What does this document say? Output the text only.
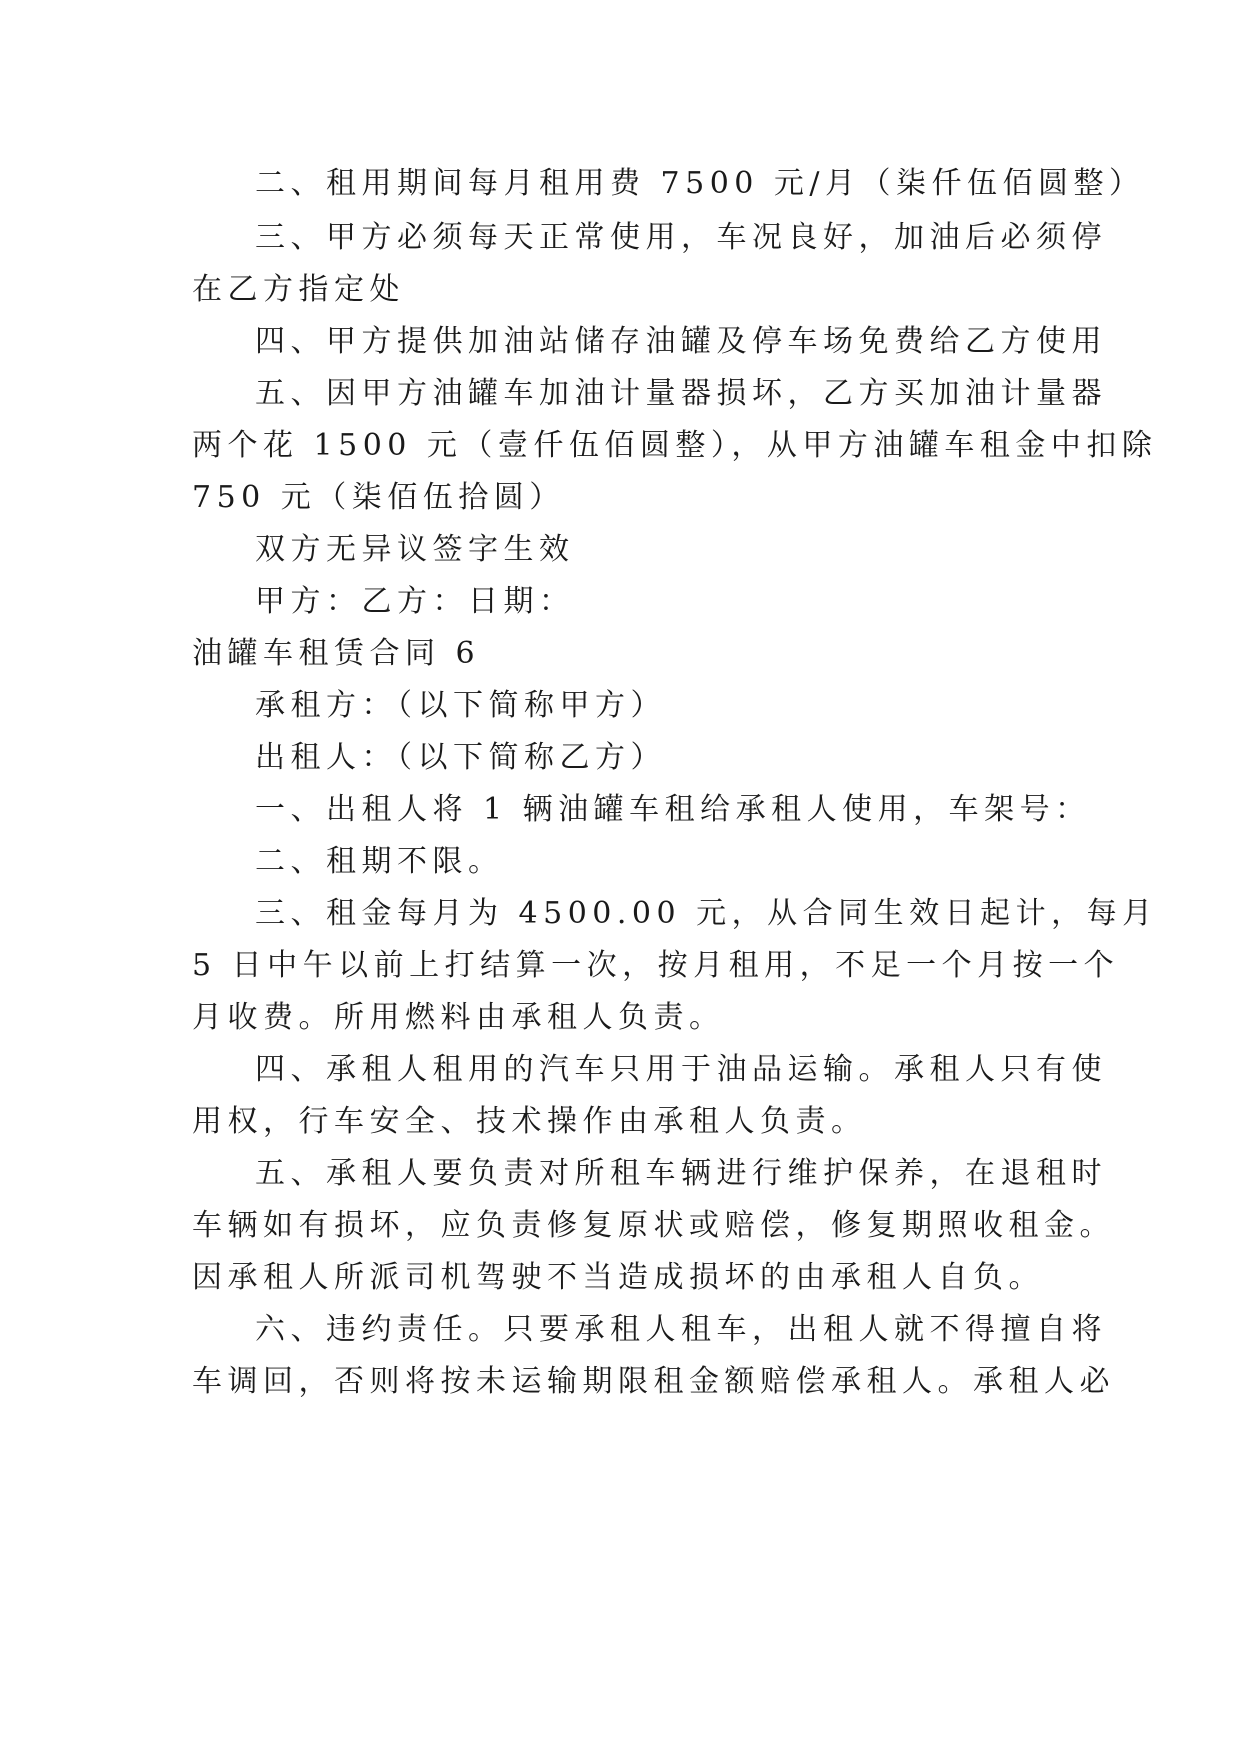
二、租用期间每月租用费 7500 元/月（柒仟伍佰圆整）

三、甲方必须每天正常使用，车况良好，加油后必须停

在乙方指定处

四、甲方提供加油站储存油罐及停车场免费给乙方使用

五、因甲方油罐车加油计量器损坏，乙方买加油计量器

两个花 1500 元（壹仟伍佰圆整），从甲方油罐车租金中扣除

750 元（柒佰伍拾圆）

双方无异议签字生效

甲方：乙方：日期：

油罐车租赁合同 6

承租方：（以下简称甲方）

出租人：（以下简称乙方）

一、出租人将 1 辆油罐车租给承租人使用，车架号：

二、租期不限。

三、租金每月为 4500.00 元，从合同生效日起计，每月

5 日中午以前上打结算一次，按月租用，不足一个月按一个

月收费。所用燃料由承租人负责。

四、承租人租用的汽车只用于油品运输。承租人只有使

用权，行车安全、技术操作由承租人负责。

五、承租人要负责对所租车辆进行维护保养，在退租时

车辆如有损坏，应负责修复原状或赔偿，修复期照收租金。

因承租人所派司机驾驶不当造成损坏的由承租人自负。

六、违约责任。只要承租人租车，出租人就不得擅自将

车调回，否则将按未运输期限租金额赔偿承租人。承租人必
